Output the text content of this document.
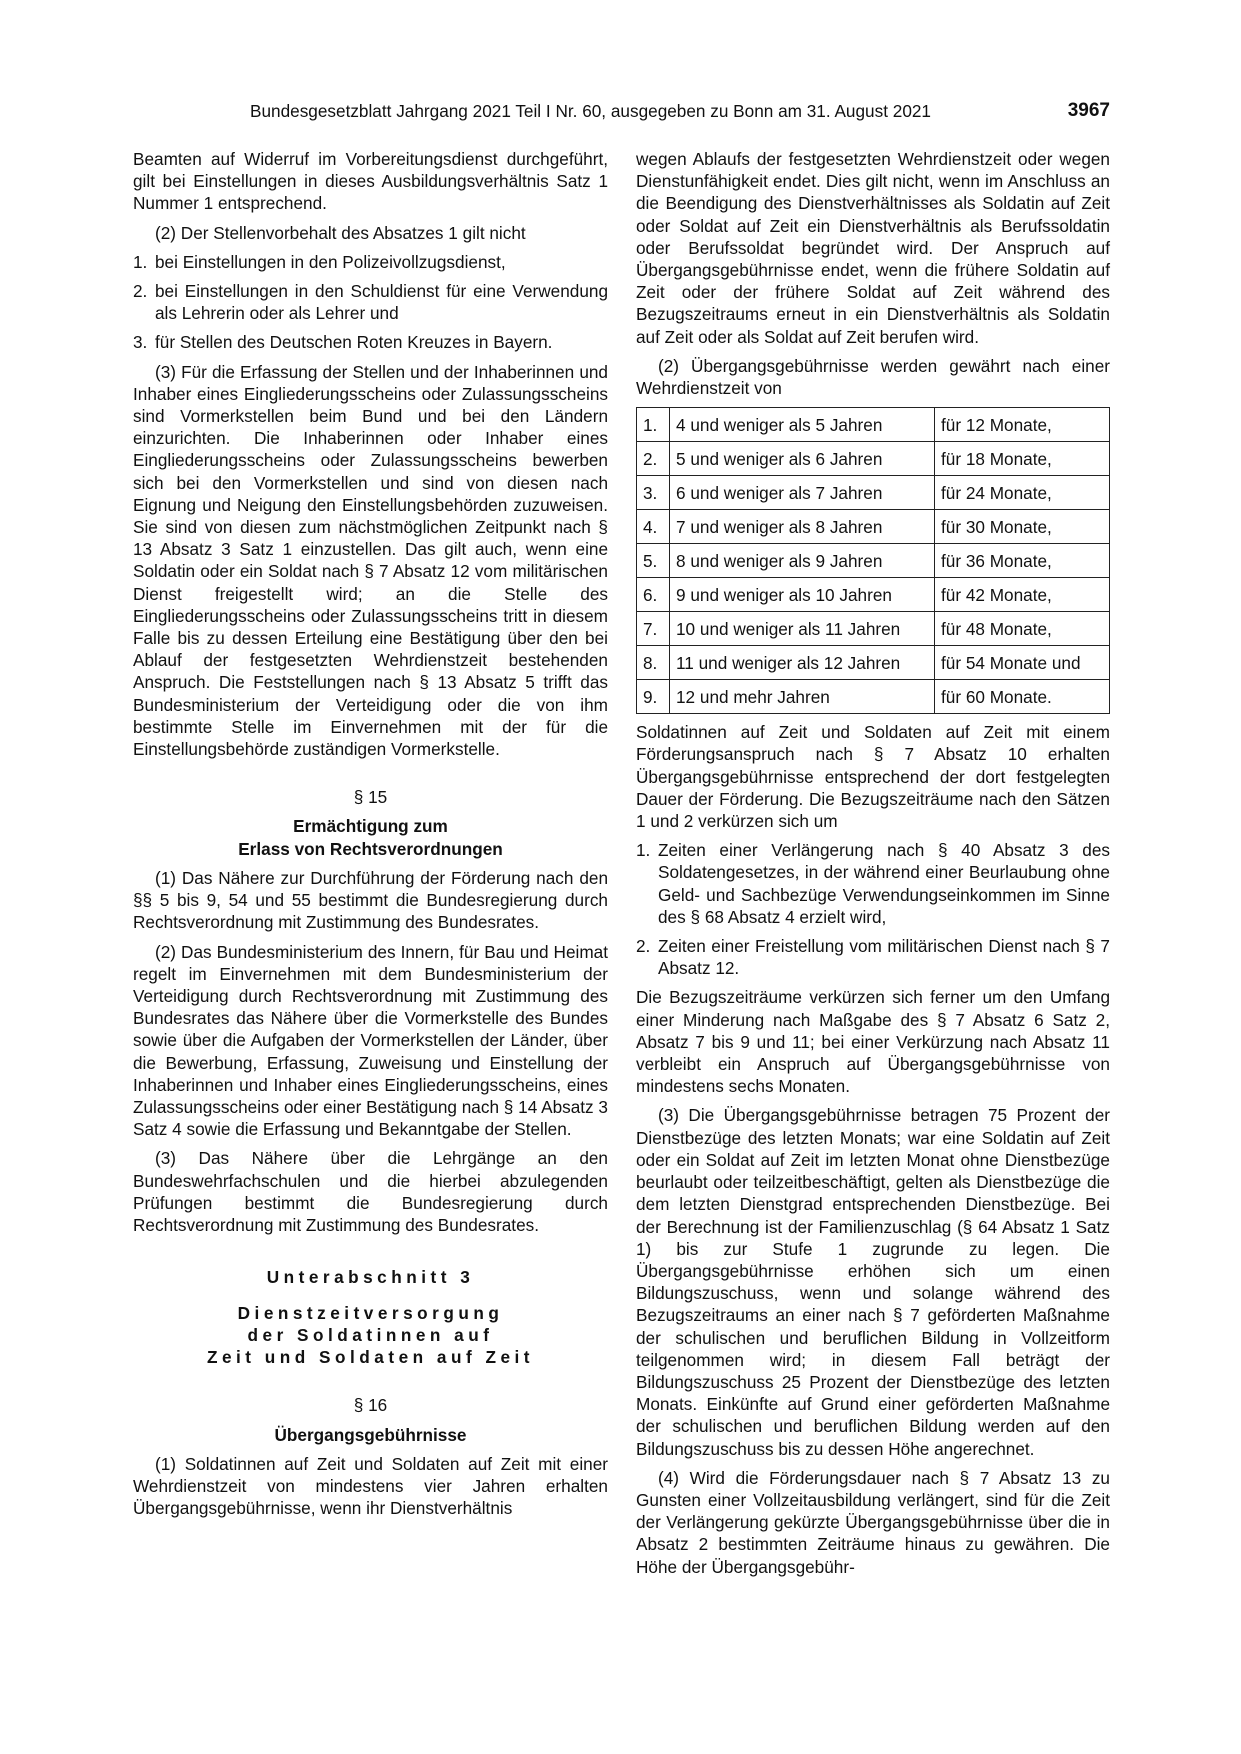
Bundesgesetzblatt Jahrgang 2021 Teil I Nr. 60, ausgegeben zu Bonn am 31. August 2021	3967

Beamten auf Widerruf im Vorbereitungsdienst durchgeführt, gilt bei Einstellungen in dieses Ausbildungsverhältnis Satz 1 Nummer 1 entsprechend.

(2) Der Stellenvorbehalt des Absatzes 1 gilt nicht

1. bei Einstellungen in den Polizeivollzugsdienst,
2. bei Einstellungen in den Schuldienst für eine Verwendung als Lehrerin oder als Lehrer und
3. für Stellen des Deutschen Roten Kreuzes in Bayern.

(3) Für die Erfassung der Stellen und der Inhaberinnen und Inhaber eines Eingliederungsscheins oder Zulassungsscheins sind Vormerkstellen beim Bund und bei den Ländern einzurichten. Die Inhaberinnen oder Inhaber eines Eingliederungsscheins oder Zulassungsscheins bewerben sich bei den Vormerkstellen und sind von diesen nach Eignung und Neigung den Einstellungsbehörden zuzuweisen. Sie sind von diesen zum nächstmöglichen Zeitpunkt nach § 13 Absatz 3 Satz 1 einzustellen. Das gilt auch, wenn eine Soldatin oder ein Soldat nach § 7 Absatz 12 vom militärischen Dienst freigestellt wird; an die Stelle des Eingliederungsscheins oder Zulassungsscheins tritt in diesem Falle bis zu dessen Erteilung eine Bestätigung über den bei Ablauf der festgesetzten Wehrdienstzeit bestehenden Anspruch. Die Feststellungen nach § 13 Absatz 5 trifft das Bundesministerium der Verteidigung oder die von ihm bestimmte Stelle im Einvernehmen mit der für die Einstellungsbehörde zuständigen Vormerkstelle.

§ 15
Ermächtigung zum
Erlass von Rechtsverordnungen

(1) Das Nähere zur Durchführung der Förderung nach den §§ 5 bis 9, 54 und 55 bestimmt die Bundesregierung durch Rechtsverordnung mit Zustimmung des Bundesrates.

(2) Das Bundesministerium des Innern, für Bau und Heimat regelt im Einvernehmen mit dem Bundesministerium der Verteidigung durch Rechtsverordnung mit Zustimmung des Bundesrates das Nähere über die Vormerkstelle des Bundes sowie über die Aufgaben der Vormerkstellen der Länder, über die Bewerbung, Erfassung, Zuweisung und Einstellung der Inhaberinnen und Inhaber eines Eingliederungsscheins, eines Zulassungsscheins oder einer Bestätigung nach § 14 Absatz 3 Satz 4 sowie die Erfassung und Bekanntgabe der Stellen.

(3) Das Nähere über die Lehrgänge an den Bundeswehrfachschulen und die hierbei abzulegenden Prüfungen bestimmt die Bundesregierung durch Rechtsverordnung mit Zustimmung des Bundesrates.

Unterabschnitt 3
Dienstzeitversorgung
der Soldatinnen auf
Zeit und Soldaten auf Zeit
§ 16
Übergangsgebührnisse

(1) Soldatinnen auf Zeit und Soldaten auf Zeit mit einer Wehrdienstzeit von mindestens vier Jahren erhalten Übergangsgebührnisse, wenn ihr Dienstverhältnis

wegen Ablaufs der festgesetzten Wehrdienstzeit oder wegen Dienstunfähigkeit endet. Dies gilt nicht, wenn im Anschluss an die Beendigung des Dienstverhältnisses als Soldatin auf Zeit oder Soldat auf Zeit ein Dienstverhältnis als Berufssoldatin oder Berufssoldat begründet wird. Der Anspruch auf Übergangsgebührnisse endet, wenn die frühere Soldatin auf Zeit oder der frühere Soldat auf Zeit während des Bezugszeitraums erneut in ein Dienstverhältnis als Soldatin auf Zeit oder als Soldat auf Zeit berufen wird.

(2) Übergangsgebührnisse werden gewährt nach einer Wehrdienstzeit von

1.	4 und weniger als 5 Jahren	für 12 Monate,
2.	5 und weniger als 6 Jahren	für 18 Monate,
3.	6 und weniger als 7 Jahren	für 24 Monate,
4.	7 und weniger als 8 Jahren	für 30 Monate,
5.	8 und weniger als 9 Jahren	für 36 Monate,
6.	9 und weniger als 10 Jahren	für 42 Monate,
7.	10 und weniger als 11 Jahren	für 48 Monate,
8.	11 und weniger als 12 Jahren	für 54 Monate und
9.	12 und mehr Jahren	für 60 Monate.

Soldatinnen auf Zeit und Soldaten auf Zeit mit einem Förderungsanspruch nach § 7 Absatz 10 erhalten Übergangsgebührnisse entsprechend der dort festgelegten Dauer der Förderung. Die Bezugszeiträume nach den Sätzen 1 und 2 verkürzen sich um

1. Zeiten einer Verlängerung nach § 40 Absatz 3 des Soldatengesetzes, in der während einer Beurlaubung ohne Geld- und Sachbezüge Verwendungseinkommen im Sinne des § 68 Absatz 4 erzielt wird,
2. Zeiten einer Freistellung vom militärischen Dienst nach § 7 Absatz 12.

Die Bezugszeiträume verkürzen sich ferner um den Umfang einer Minderung nach Maßgabe des § 7 Absatz 6 Satz 2, Absatz 7 bis 9 und 11; bei einer Verkürzung nach Absatz 11 verbleibt ein Anspruch auf Übergangsgebührnisse von mindestens sechs Monaten.

(3) Die Übergangsgebührnisse betragen 75 Prozent der Dienstbezüge des letzten Monats; war eine Soldatin auf Zeit oder ein Soldat auf Zeit im letzten Monat ohne Dienstbezüge beurlaubt oder teilzeitbeschäftigt, gelten als Dienstbezüge die dem letzten Dienstgrad entsprechenden Dienstbezüge. Bei der Berechnung ist der Familienzuschlag (§ 64 Absatz 1 Satz 1) bis zur Stufe 1 zugrunde zu legen. Die Übergangsgebührnisse erhöhen sich um einen Bildungszuschuss, wenn und solange während des Bezugszeitraums an einer nach § 7 geförderten Maßnahme der schulischen und beruflichen Bildung in Vollzeitform teilgenommen wird; in diesem Fall beträgt der Bildungszuschuss 25 Prozent der Dienstbezüge des letzten Monats. Einkünfte auf Grund einer geförderten Maßnahme der schulischen und beruflichen Bildung werden auf den Bildungszuschuss bis zu dessen Höhe angerechnet.

(4) Wird die Förderungsdauer nach § 7 Absatz 13 zu Gunsten einer Vollzeitausbildung verlängert, sind für die Zeit der Verlängerung gekürzte Übergangsgebührnisse über die in Absatz 2 bestimmten Zeiträume hinaus zu gewähren. Die Höhe der Übergangsgebühr-
